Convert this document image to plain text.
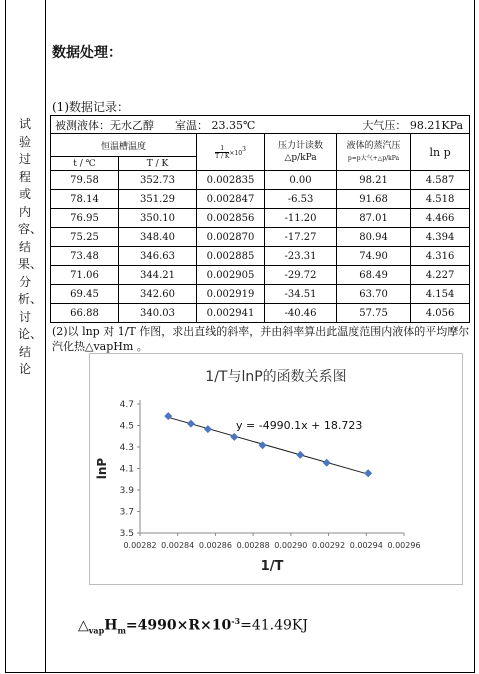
试验过程或内容、结果、分析、讨论、结论
数据处理：
(1)数据记录：
被测液体：无水乙醇 室温： 23.35℃			大气压： 98.21KPa		
恒温槽温度		$\frac{1}{T / K}\times 10^3$	压力计读数△p/kPa	液体的蒸汽压
p=p大气+△p/kPa	ln p
t / ℃	T / K				
79.58	352.73	0.002835	0.00	98.21	4.587
78.14	351.29	0.002847	-6.53	91.68	4.518
76.95	350.10	0.002856	-11.20	87.01	4.466
75.25	348.40	0.002870	-17.27	80.94	4.394
73.48	346.63	0.002885	-23.31	74.90	4.316
71.06	344.21	0.002905	-29.72	68.49	4.227
69.45	342.60	0.002919	-34.51	63.70	4.154
66.88	340.03	0.002941	-40.46	57.75	4.056
(2)以 lnp 对 1/T 作图，求出直线的斜率，并由斜率算出此温度范围内液体的平均摩尔汽化热△vapHm 。
1/T与lnP的函数关系图
3.5
3.7
3.9
4.1
4.3
4.5
4.7
0.00282 0.00284 0.00286 0.00288 0.00290 0.00292 0.00294 0.00296
y = -4990.1x + 18.723
1/T
lnP
$\triangle_{vap}H_m=4990\times R\times 10^{-3}=41.49KJ$
